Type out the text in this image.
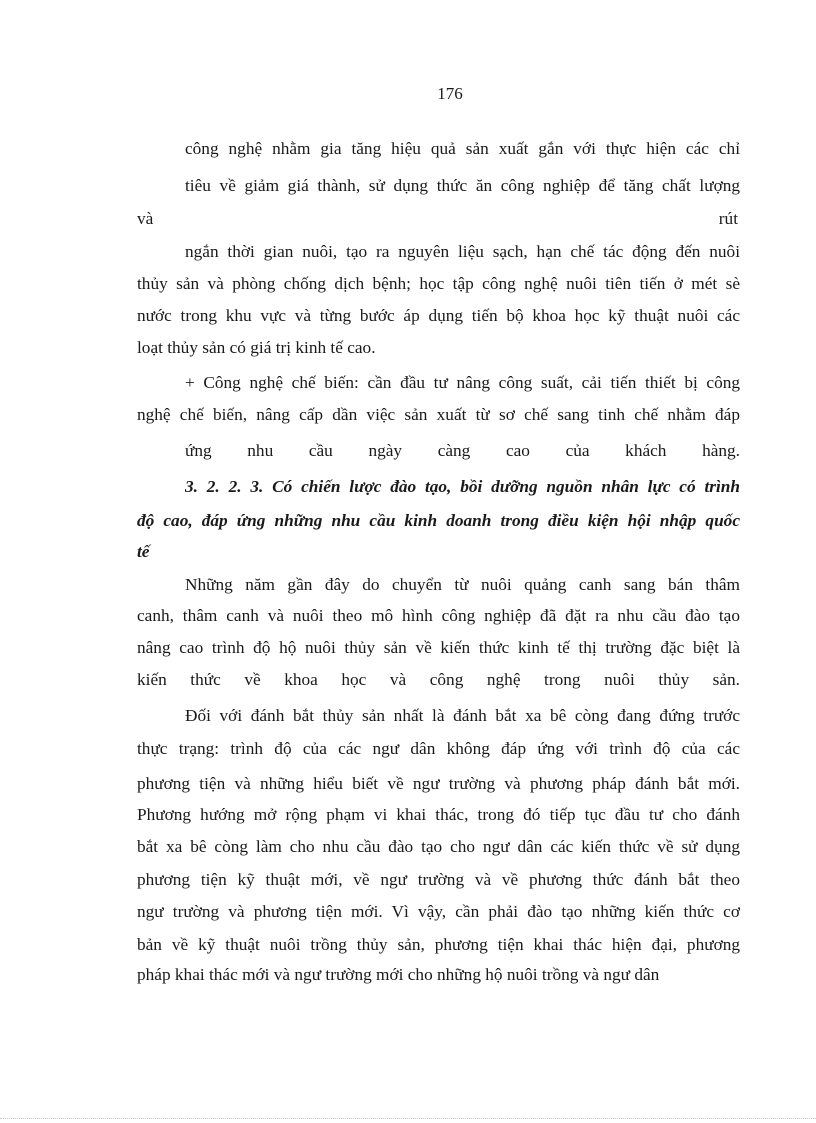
176
công nghệ nhằm gia tăng hiệu quả sản xuất gắn với thực hiện các chỉ
tiêu về giảm giá thành, sử dụng thức ăn công nghiệp để tăng chất lượng
và	rút
ngắn thời gian nuôi, tạo ra nguyên liệu sạch, hạn chế tác động đến nuôi
thủy sản và phòng chống dịch bệnh; học tập công nghệ nuôi tiên tiến ở mét sè
nước trong khu vực và từng bước áp dụng tiến bộ khoa học kỹ thuật nuôi các
loạt thủy sản có giá trị kinh tế cao.
+ Công nghệ chế biến: cần đầu tư nâng công suất, cải tiến thiết bị công
nghệ chế biến, nâng cấp dần việc sản xuất từ sơ chế sang tinh chế nhằm đáp
ứng nhu cầu ngày càng cao của khách hàng.
3. 2. 2. 3. Có chiến lược đào tạo, bồi dưỡng nguồn nhân lực có trình
độ cao, đáp ứng những nhu cầu kinh doanh trong điều kiện hội nhập quốc
tế
Những năm gần đây do chuyển từ nuôi quảng canh sang bán thâm
canh, thâm canh và nuôi theo mô hình công nghiệp đã đặt ra nhu cầu đào tạo
nâng cao trình độ hộ nuôi thủy sản về kiến thức kinh tế thị trường đặc biệt là
kiến thức về khoa học và công nghệ trong nuôi thủy sản.
Đối với đánh bắt thủy sản nhất là đánh bắt xa bê còng đang đứng trước
thực trạng: trình độ của các ngư dân không đáp ứng với trình độ của các
phương tiện và những hiểu biết về ngư trường và phương pháp đánh bắt mới.
Phương hướng mở rộng phạm vi khai thác, trong đó tiếp tục đầu tư cho đánh
bắt xa bê còng làm cho nhu cầu đào tạo cho ngư dân các kiến thức về sử dụng
phương tiện kỹ thuật mới, về ngư trường và về phương thức đánh bắt theo
ngư trường và phương tiện mới. Vì vậy, cần phải đào tạo những kiến thức cơ
bản về kỹ thuật nuôi trồng thủy sản, phương tiện khai thác hiện đại, phương
pháp khai thác mới và ngư trường mới cho những hộ nuôi trồng và ngư dân
